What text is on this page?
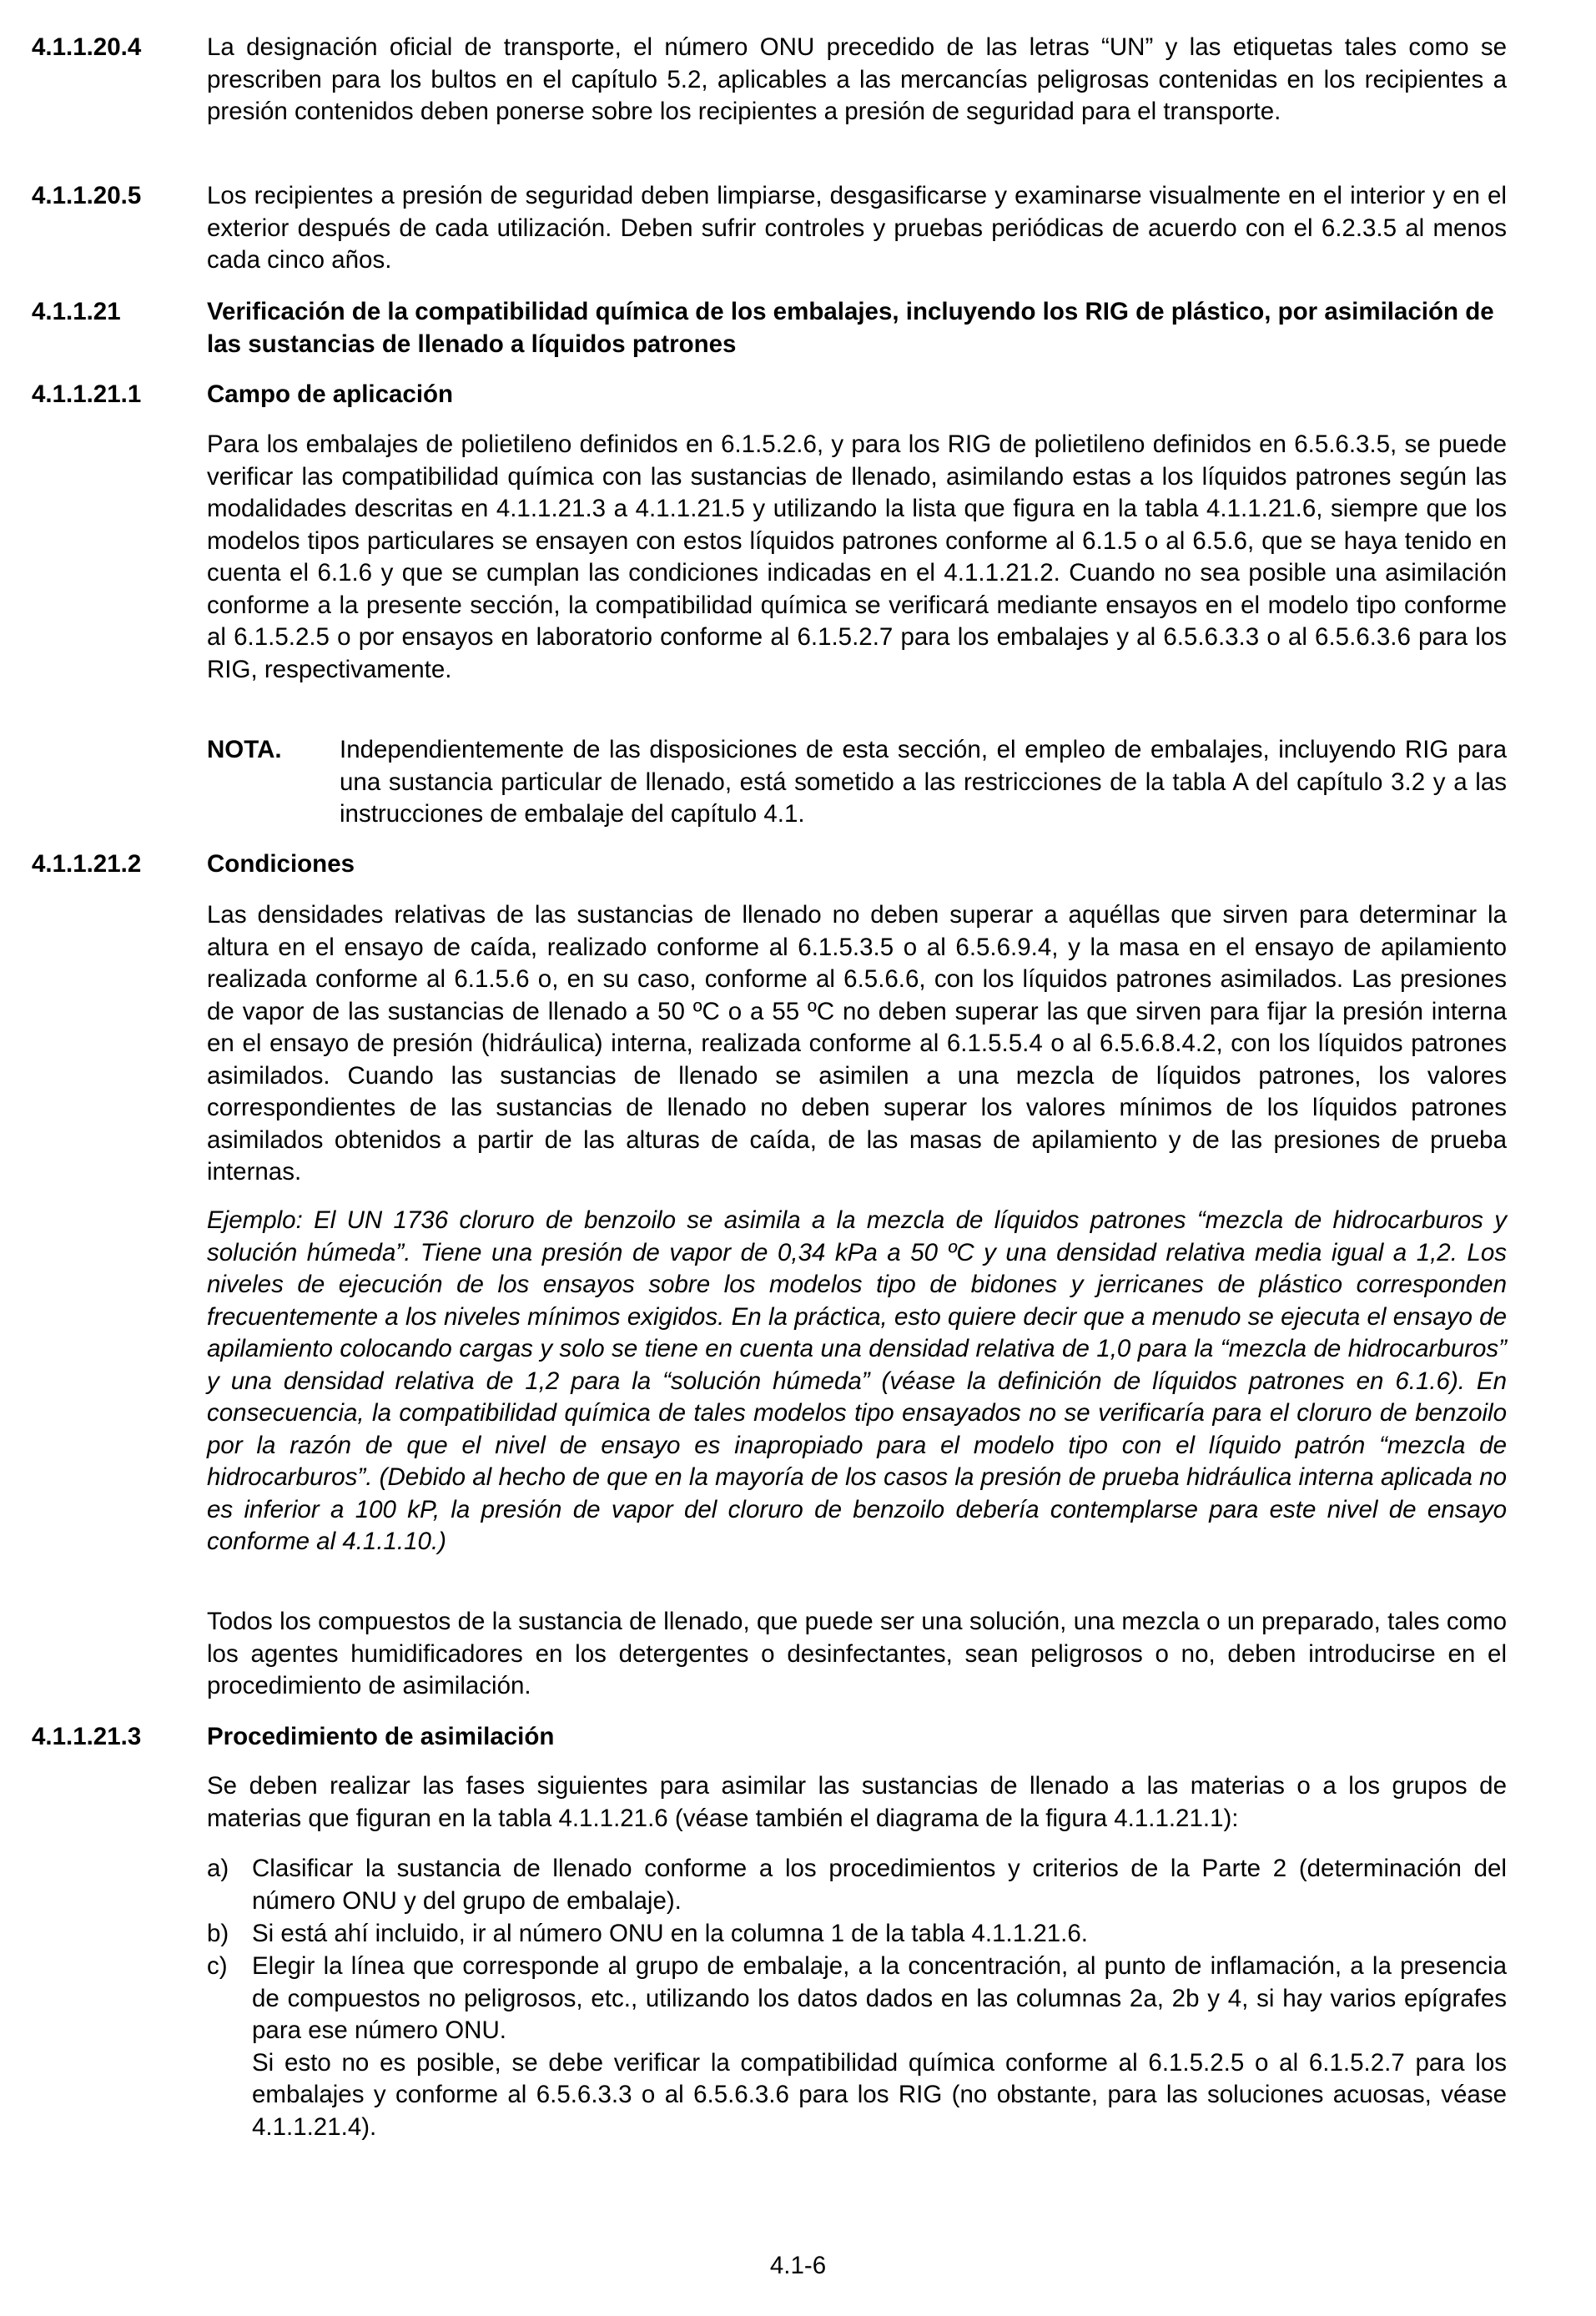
4.1.1.20.4	La designación oficial de transporte, el número ONU precedido de las letras “UN” y las etiquetas tales como se prescriben para los bultos en el capítulo 5.2, aplicables a las mercancías peligrosas contenidas en los recipientes a presión contenidos deben ponerse sobre los recipientes a presión de seguridad para el transporte.
4.1.1.20.5	Los recipientes a presión de seguridad deben limpiarse, desgasificarse y examinarse visualmente en el interior y en el exterior después de cada utilización. Deben sufrir controles y pruebas periódicas de acuerdo con el 6.2.3.5 al menos cada cinco años.
4.1.1.21	Verificación de la compatibilidad química de los embalajes, incluyendo los RIG de plástico, por asimilación de las sustancias de llenado a líquidos patrones
4.1.1.21.1	Campo de aplicación
Para los embalajes de polietileno definidos en 6.1.5.2.6, y para los RIG de polietileno definidos en 6.5.6.3.5, se puede verificar las compatibilidad química con las sustancias de llenado, asimilando estas a los líquidos patrones según las modalidades descritas en 4.1.1.21.3 a 4.1.1.21.5 y utilizando la lista que figura en la tabla 4.1.1.21.6, siempre que los modelos tipos particulares se ensayen con estos líquidos patrones conforme al 6.1.5 o al 6.5.6, que se haya tenido en cuenta el 6.1.6 y que se cumplan las condiciones indicadas en el 4.1.1.21.2. Cuando no sea posible una asimilación conforme a la presente sección, la compatibilidad química se verificará mediante ensayos en el modelo tipo conforme al 6.1.5.2.5 o por ensayos en laboratorio conforme al 6.1.5.2.7 para los embalajes y al 6.5.6.3.3 o al 6.5.6.3.6 para los RIG, respectivamente.
NOTA. Independientemente de las disposiciones de esta sección, el empleo de embalajes, incluyendo RIG para una sustancia particular de llenado, está sometido a las restricciones de la tabla A del capítulo 3.2 y a las instrucciones de embalaje del capítulo 4.1.
4.1.1.21.2	Condiciones
Las densidades relativas de las sustancias de llenado no deben superar a aquéllas que sirven para determinar la altura en el ensayo de caída, realizado conforme al 6.1.5.3.5 o al 6.5.6.9.4, y la masa en el ensayo de apilamiento realizada conforme al 6.1.5.6 o, en su caso, conforme al 6.5.6.6, con los líquidos patrones asimilados. Las presiones de vapor de las sustancias de llenado a 50 ºC o a 55 ºC no deben superar las que sirven para fijar la presión interna en el ensayo de presión (hidráulica) interna, realizada conforme al 6.1.5.5.4 o al 6.5.6.8.4.2, con los líquidos patrones asimilados. Cuando las sustancias de llenado se asimilen a una mezcla de líquidos patrones, los valores correspondientes de las sustancias de llenado no deben superar los valores mínimos de los líquidos patrones asimilados obtenidos a partir de las alturas de caída, de las masas de apilamiento y de las presiones de prueba internas.
Ejemplo: El UN 1736 cloruro de benzoilo se asimila a la mezcla de líquidos patrones “mezcla de hidrocarburos y solución húmeda”. Tiene una presión de vapor de 0,34 kPa a 50 ºC y una densidad relativa media igual a 1,2. Los niveles de ejecución de los ensayos sobre los modelos tipo de bidones y jerricanes de plástico corresponden frecuentemente a los niveles mínimos exigidos. En la práctica, esto quiere decir que a menudo se ejecuta el ensayo de apilamiento colocando cargas y solo se tiene en cuenta una densidad relativa de 1,0 para la “mezcla de hidrocarburos” y una densidad relativa de 1,2 para la “solución húmeda” (véase la definición de líquidos patrones en 6.1.6). En consecuencia, la compatibilidad química de tales modelos tipo ensayados no se verificaría para el cloruro de benzoilo por la razón de que el nivel de ensayo es inapropiado para el modelo tipo con el líquido patrón “mezcla de hidrocarburos”. (Debido al hecho de que en la mayoría de los casos la presión de prueba hidráulica interna aplicada no es inferior a 100 kP, la presión de vapor del cloruro de benzoilo debería contemplarse para este nivel de ensayo conforme al 4.1.1.10.)
Todos los compuestos de la sustancia de llenado, que puede ser una solución, una mezcla o un preparado, tales como los agentes humidificadores en los detergentes o desinfectantes, sean peligrosos o no, deben introducirse en el procedimiento de asimilación.
4.1.1.21.3	Procedimiento de asimilación
Se deben realizar las fases siguientes para asimilar las sustancias de llenado a las materias o a los grupos de materias que figuran en la tabla 4.1.1.21.6 (véase también el diagrama de la figura 4.1.1.21.1):
a) Clasificar la sustancia de llenado conforme a los procedimientos y criterios de la Parte 2 (determinación del número ONU y del grupo de embalaje).
b) Si está ahí incluido, ir al número ONU en la columna 1 de la tabla 4.1.1.21.6.
c) Elegir la línea que corresponde al grupo de embalaje, a la concentración, al punto de inflamación, a la presencia de compuestos no peligrosos, etc., utilizando los datos dados en las columnas 2a, 2b y 4, si hay varios epígrafes para ese número ONU.
Si esto no es posible, se debe verificar la compatibilidad química conforme al 6.1.5.2.5 o al 6.1.5.2.7 para los embalajes y conforme al 6.5.6.3.3 o al 6.5.6.3.6 para los RIG (no obstante, para las soluciones acuosas, véase 4.1.1.21.4).
4.1-6
